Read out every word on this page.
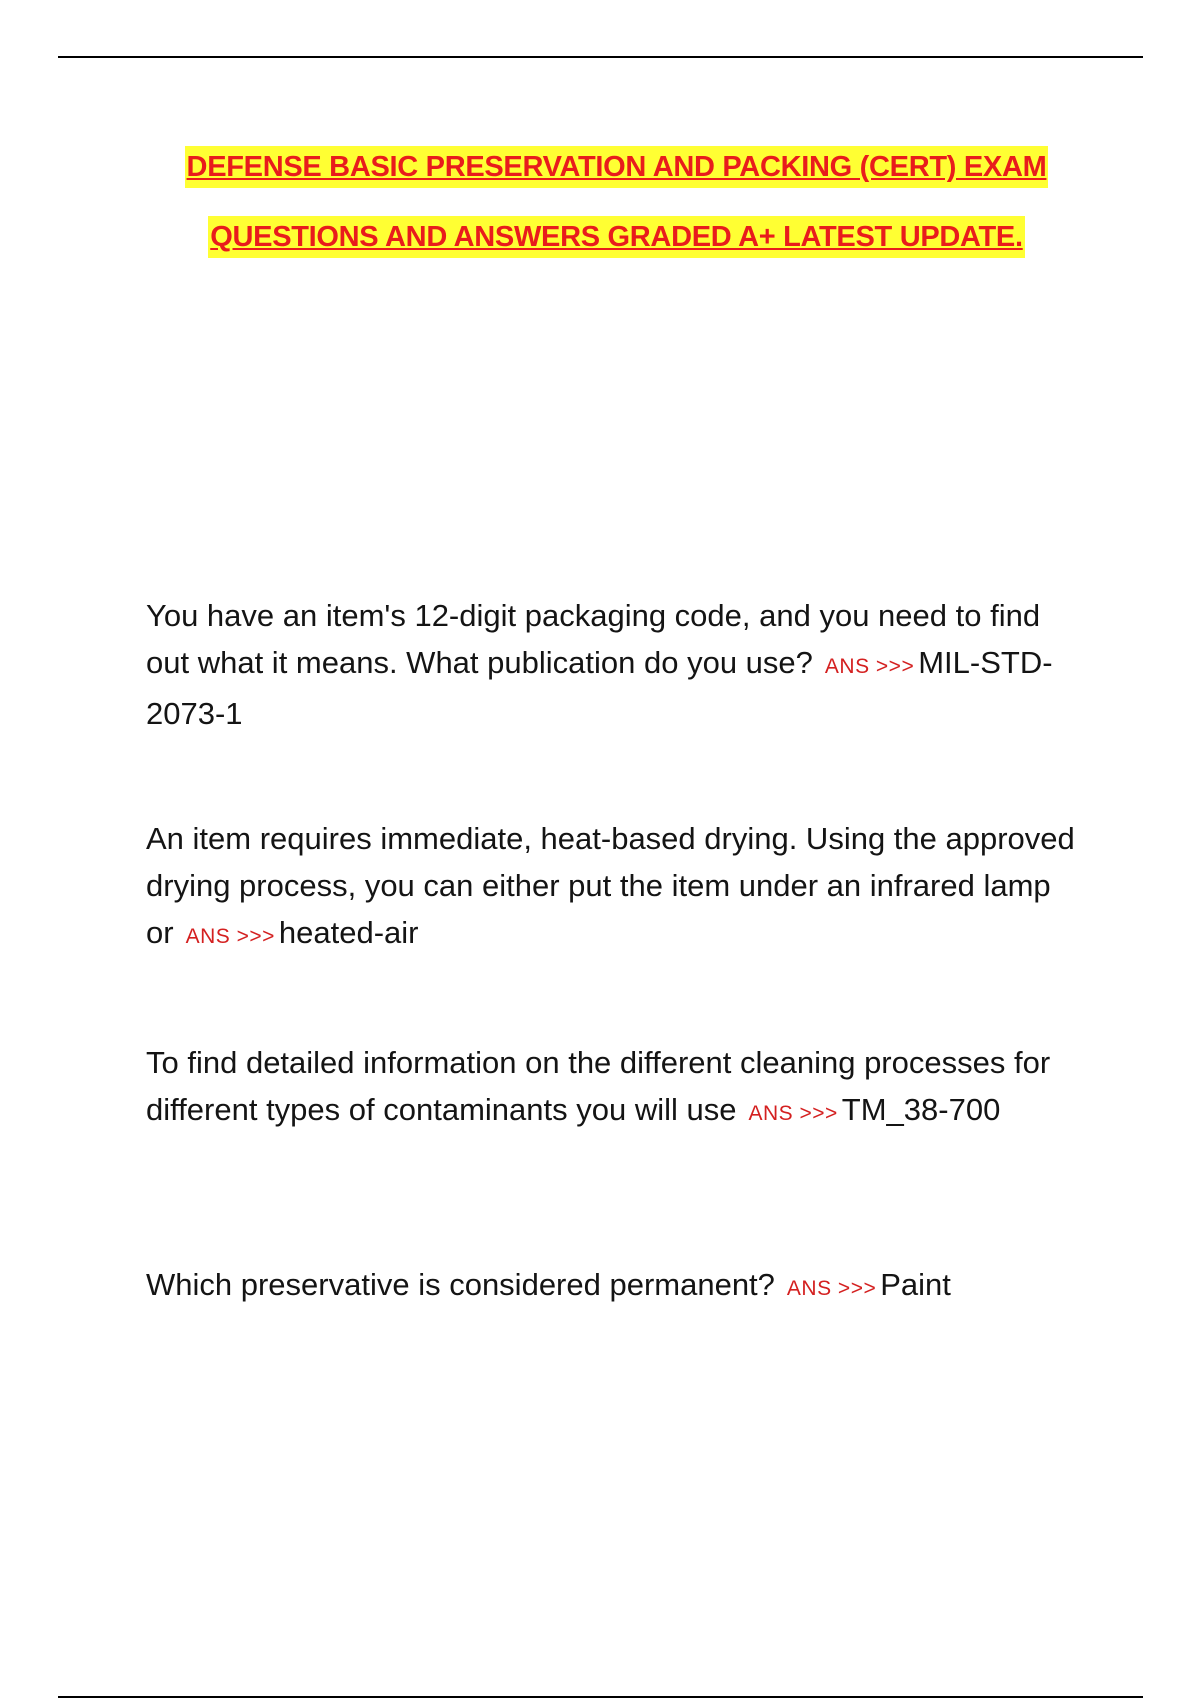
DEFENSE BASIC PRESERVATION AND PACKING (CERT) EXAM
QUESTIONS AND ANSWERS GRADED A+ LATEST UPDATE.
You have an item's 12-digit packaging code, and you need to find out what it means. What publication do you use? ANS >>> MIL-STD-2073-1
An item requires immediate, heat-based drying. Using the approved drying process, you can either put the item under an infrared lamp or ANS >>> heated-air
To find detailed information on the different cleaning processes for different types of contaminants you will use ANS >>> TM_38-700
Which preservative is considered permanent? ANS >>> Paint
